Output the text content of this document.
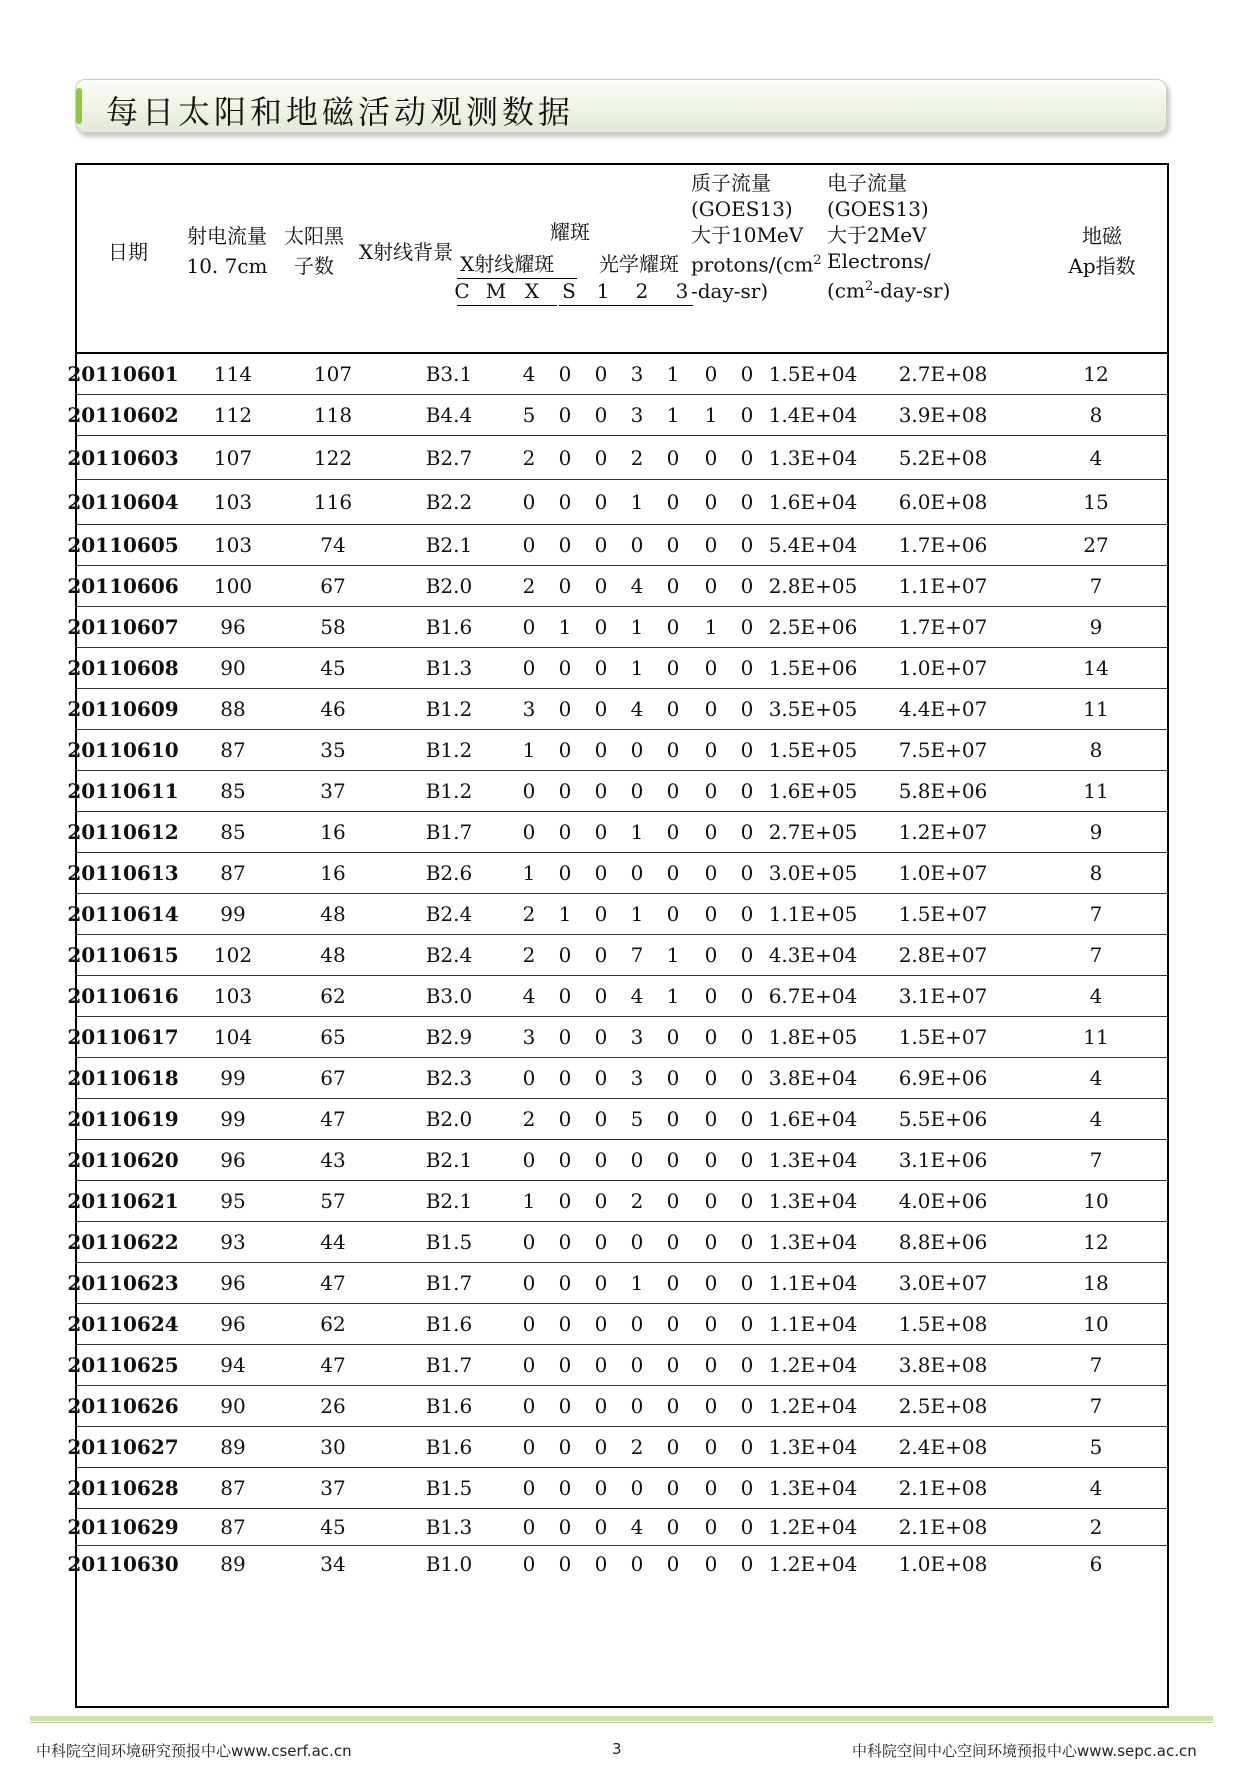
每日太阳和地磁活动观测数据
日期
射电流量
10. 7cm
太阳黑
子数
X射线背景
耀斑
X射线耀斑	光学耀斑
C M X S 1 2 3
质子流量
(GOES13)
大于10MeV
protons/($cm^2$
-day-sr)
电子流量
(GOES13)
大于2MeV
Electrons/
$(cm^2-day-sr)$
地磁
Ap指数
20110601	114	107	B3.1	4	0	0	3	1	0	0 1.5E+04	2.7E+08	12
20110602	112	118	B4.4	5	0	0	3	1	1	0 1.4E+04	3.9E+08	8
20110603	107	122	B2.7	2	0	0	2	0	0	0 1.3E+04	5.2E+08	4
20110604	103	116	B2.2	0	0	0	1	0	0	0 1.6E+04	6.0E+08	15
20110605	103	74	B2.1	0	0	0	0	0	0	0 5.4E+04	1.7E+06	27
20110606	100	67	B2.0	2	0	0	4	0	0	0 2.8E+05	1.1E+07	7
20110607	96	58	B1.6	0	1	0	1	0	1	0 2.5E+06	1.7E+07	9
20110608	90	45	B1.3	0	0	0	1	0	0	0 1.5E+06	1.0E+07	14
20110609	88	46	B1.2	3	0	0	4	0	0	0 3.5E+05	4.4E+07	11
20110610	87	35	B1.2	1	0	0	0	0	0	0 1.5E+05	7.5E+07	8
20110611	85	37	B1.2	0	0	0	0	0	0	0 1.6E+05	5.8E+06	11
20110612	85	16	B1.7	0	0	0	1	0	0	0 2.7E+05	1.2E+07	9
20110613	87	16	B2.6	1	0	0	0	0	0	0 3.0E+05	1.0E+07	8
20110614	99	48	B2.4	2	1	0	1	0	0	0 1.1E+05	1.5E+07	7
20110615	102	48	B2.4	2	0	0	7	1	0	0 4.3E+04	2.8E+07	7
20110616	103	62	B3.0	4	0	0	4	1	0	0 6.7E+04	3.1E+07	4
20110617	104	65	B2.9	3	0	0	3	0	0	0 1.8E+05	1.5E+07	11
20110618	99	67	B2.3	0	0	0	3	0	0	0 3.8E+04	6.9E+06	4
20110619	99	47	B2.0	2	0	0	5	0	0	0 1.6E+04	5.5E+06	4
20110620	96	43	B2.1	0	0	0	0	0	0	0 1.3E+04	3.1E+06	7
20110621	95	57	B2.1	1	0	0	2	0	0	0 1.3E+04	4.0E+06	10
20110622	93	44	B1.5	0	0	0	0	0	0	0 1.3E+04	8.8E+06	12
20110623	96	47	B1.7	0	0	0	1	0	0	0 1.1E+04	3.0E+07	18
20110624	96	62	B1.6	0	0	0	0	0	0	0 1.1E+04	1.5E+08	10
20110625	94	47	B1.7	0	0	0	0	0	0	0 1.2E+04	3.8E+08	7
20110626	90	26	B1.6	0	0	0	0	0	0	0 1.2E+04	2.5E+08	7
20110627	89	30	B1.6	0	0	0	2	0	0	0 1.3E+04	2.4E+08	5
20110628	87	37	B1.5	0	0	0	0	0	0	0 1.3E+04	2.1E+08	4
20110629	87	45	B1.3	0	0	0	4	0	0	0 1.2E+04	2.1E+08	2
20110630	89	34	B1.0	0	0	0	0	0	0	0 1.2E+04	1.0E+08	6
中科院空间环境研究预报中心www.cserf.ac.cn	3	中科院空间中心空间环境预报中心www.sepc.ac.cn
